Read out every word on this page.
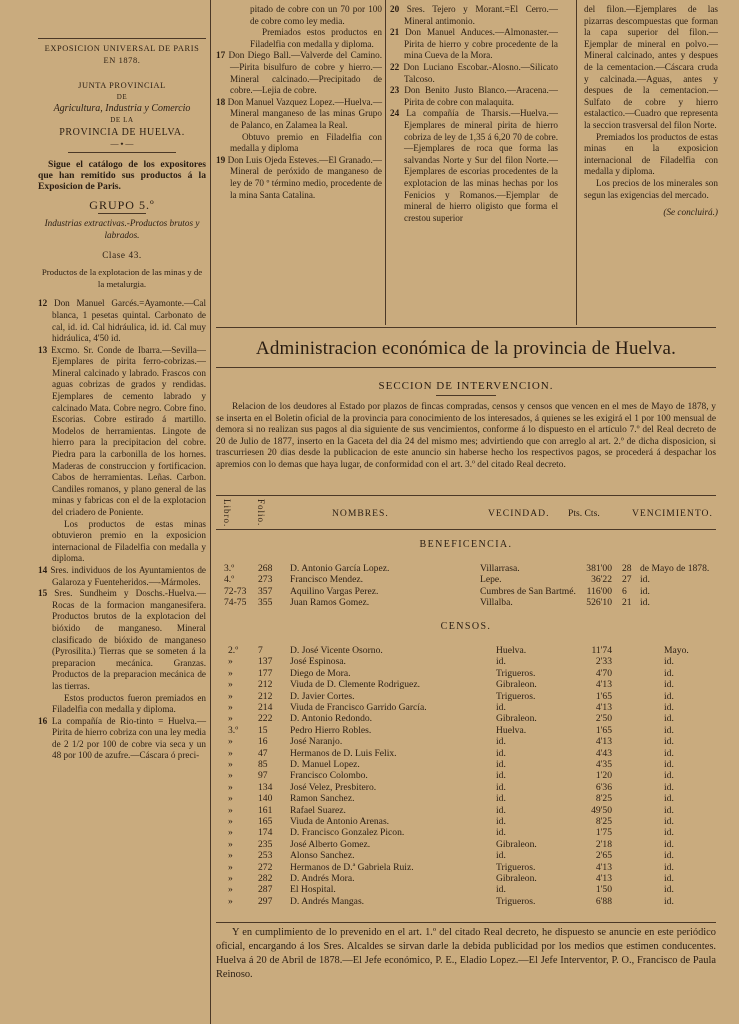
EXPOSICION UNIVERSAL DE PARIS

EN 1878.

JUNTA PROVINCIAL

DE

Agricultura, Industria y Comercio

DE LA

PROVINCIA DE HUELVA.

— ⬩ —

Sigue el catálogo de los expositores que han remitido sus productos á la Exposicion de Paris.

GRUPO 5.º

Industrias extractivas.-Productos brutos y labrados.

Clase 43.

Productos de la explotacion de las minas y de la metalurgia.

12 Don Manuel Garcés.=Ayamonte.—Cal blanca, 1 pesetas quintal. Carbonato de cal, id. id. Cal hidráulica, id. id. Cal muy hidráulica, 4'50 id.

13 Excmo. Sr. Conde de Ibarra.—Sevilla—Ejemplares de pirita ferro-cobrizas.—Mineral calcinado y labrado. Frascos con aguas cobrizas de grados y rendidas. Ejemplares de cemento labrado y calcinado Mata. Cobre negro. Cobre fino. Escorias. Cobre estirado á martillo. Modelos de herramientas. Lingote de hierro para la precipitacion del cobre. Piedra para la carbonilla de los hornes. Maderas de construccion y fortificacion. Cabos de herramientas. Leñas. Carbon. Candiles romanos, y plano general de las minas y fabricas con el de la explotacion del criadero de Poniente.

Los productos de estas minas obtuvieron premio en la exposicion internacional de Filadelfia con medalla y diploma.

14 Sres. individuos de los Ayuntamientos de Galaroza y Fuenteheridos.—-Mármoles.

15 Sres. Sundheim y Doschs.-Huelva.—Rocas de la formacion manganesifera. Productos brutos de la explotacion del bióxido de manganeso. Mineral clasificado de bióxido de manganeso (Pyrosilita.) Tierras que se someten á la preparacion mecánica. Granzas. Productos de la preparacion mecánica de las tierras.

Estos productos fueron premiados en Filadelfia con medalla y diploma.

16 La compañía de Rio-tinto = Huelva.—Pirita de hierro cobriza con una ley media de 2 1/2 por 100 de cobre via seca y un 48 por 100 de azufre.—Cáscara ó preci-

pitado de cobre con un 70 por 100 de cobre como ley media.

Premiados estos productos en Filadelfia con medalla y diploma.

17 Don Diego Ball.—Valverde del Camino.—Pirita bisulfuro de cobre y hierro.—Mineral calcinado.—Precipitado de cobre.—Lejia de cobre.

18 Don Manuel Vazquez Lopez.—Huelva.—Mineral manganeso de las minas Grupo de Palanco, en Zalamea la Real.

Obtuvo premio en Filadelfia con medalla y diploma

19 Don Luis Ojeda Esteves.—El Granado.—Mineral de peróxido de manganeso de ley de 70 º término medio, procedente de la mina Santa Catalina.

20 Sres. Tejero y Morant.=El Cerro.—Mineral antimonio.

21 Don Manuel Anduces.—Almonaster.—Pirita de hierro y cobre procedente de la mina Cueva de la Mora.

22 Don Luciano Escobar.-Alosno.—Silicato Talcoso.

23 Don Benito Justo Blanco.—Aracena.—Pirita de cobre con malaquita.

24 La compañía de Tharsis.—Huelva.—Ejemplares de mineral pirita de hierro cobriza de ley de 1,35 á 6,20 70 de cobre.—Ejemplares de roca que forma las salvandas Norte y Sur del filon Norte.—Ejemplares de escorias procedentes de la explotacion de las minas hechas por los Fenicios y Romanos.—Ejemplar de mineral de hierro oligisto que forma el crestou superior

del filon.—Ejemplares de las pizarras descompuestas que forman la capa superior del filon.—Ejemplar de mineral en polvo.—Mineral calcinado, antes y despues de la cementacion.—Cáscara cruda y calcinada.—Aguas, antes y despues de la cementacion.—Sulfato de cobre y hierro estalactico.—Cuadro que representa la seccion trasversal del filon Norte.

Premiados los productos de estas minas en la exposicion internacional de Filadelfia con medalla y diploma.

Los precios de los minerales son segun las exigencias del mercado.

(Se concluirá.)

Administracion económica de la provincia de Huelva.
SECCION DE INTERVENCION.
Relacion de los deudores al Estado por plazos de fincas compradas, censos y censos que vencen en el mes de Mayo de 1878, y se inserta en el Boletin oficial de la provincia para conocimiento de los interesados, á quienes se les exigirá el 1 por 100 mensual de demora si no realizan sus pagos al dia siguiente de sus vencimientos, conforme á lo dispuesto en el artículo 7.º del Real decreto de 20 de Julio de 1877, inserto en la Gaceta del dia 24 del mismo mes; advirtiendo que con arreglo al art. 2.º de dicha disposicion, si trascurriesen 20 dias desde la publicacion de este anuncio sin haberse hecho los respectivos pagos, se procederá á despachar los apremios con lo demas que haya lugar, de conformidad con el art. 3.º del citado Real decreto.
Libro.	Folio.	NOMBRES.	VECINDAD. Pts. Cts.	VENCIMIENTO.
BENEFICENCIA.
3.º 268 D. Antonio García Lopez.	Villarrasa.	381'00 28 de Mayo de 1878.
4.º 273 Francisco Mendez.	Lepe.	36'22 27 id.
72-73 357 Aquilino Vargas Perez.	Cumbres de San Bartmé.	116'00 6 id.
74-75 355 Juan Ramos Gomez.	Villalba.	526'10 21 id.
CENSOS.
2.º 7	D. José Vicente Osorno.	Huelva.	11'74	Mayo.
»	137 José Espinosa.	id.	2'33	id.
»	177 Diego de Mora.	Trigueros.	4'70	id.
»	212 Viuda de D. Clemente Rodriguez.	Gibraleon.	4'13	id.
»	212 D. Javier Cortes.	Trigueros.	1'65	id.
»	214 Viuda de Francisco Garrido García.	id.	4'13	id.
»	222 D. Antonio Redondo.	Gibraleon.	2'50	id.
3.º 15 Pedro Hierro Robles.	Huelva.	1'65	id.
»	16 José Naranjo.	id.	4'13	id.
»	47 Hermanos de D. Luis Felix.	id.	4'43	id.
»	85 D. Manuel Lopez.	id.	4'35	id.
»	97 Francisco Colombo.	id.	1'20	id.
»	134 José Velez, Presbitero.	id.	6'36	id.
»	140 Ramon Sanchez.	id.	8'25	id.
»	161 Rafael Suarez.	id.	49'50	id.
»	165 Viuda de Antonio Arenas.	id.	8'25	id.
»	174 D. Francisco Gonzalez Picon.	id.	1'75	id.
»	235 José Alberto Gomez.	Gibraleon.	2'18	id.
»	253 Alonso Sanchez.	id.	2'65	id.
»	272 Hermanos de D.ª Gabriela Ruiz.	Trigueros.	4'13	id.
»	282 D. Andrés Mora.	Gibraleon.	4'13	id.
»	287 El Hospital.	id.	1'50	id.
»	297 D. Andrés Mangas.	Trigueros.	6'88	id.
Y en cumplimiento de lo prevenido en el art. 1.º del citado Real decreto, he dispuesto se anuncie en este periódico oficial, encargando á los Sres. Alcaldes se sirvan darle la debida publicidad por los medios que estimen conducentes. Huelva á 20 de Abril de 1878.—El Jefe económico, P. E., Eladio Lopez.—El Jefe Interventor, P. O., Francisco de Paula Reinoso.
